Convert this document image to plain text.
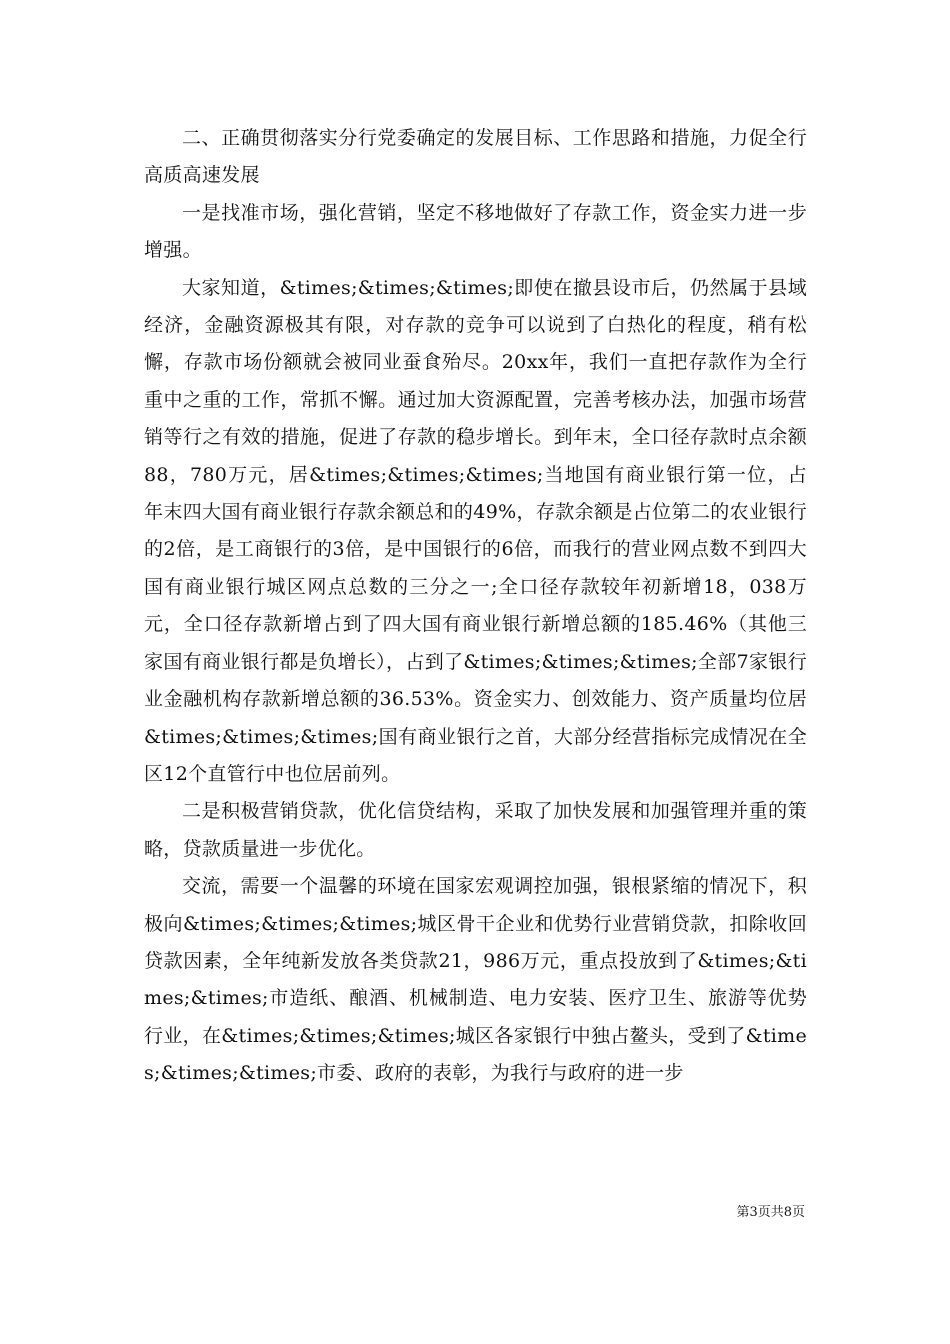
二、正确贯彻落实分行党委确定的发展目标、工作思路和措施，力促全行高质高速发展

一是找准市场，强化营销，坚定不移地做好了存款工作，资金实力进一步增强。

大家知道，&times;&times;&times;即使在撤县设市后，仍然属于县域经济，金融资源极其有限，对存款的竞争可以说到了白热化的程度，稍有松懈，存款市场份额就会被同业蚕食殆尽。20xx年，我们一直把存款作为全行重中之重的工作，常抓不懈。通过加大资源配置，完善考核办法，加强市场营销等行之有效的措施，促进了存款的稳步增长。到年末，全口径存款时点余额88，780万元，居&times;&times;&times;当地国有商业银行第一位，占年末四大国有商业银行存款余额总和的49%，存款余额是占位第二的农业银行的2倍，是工商银行的3倍，是中国银行的6倍，而我行的营业网点数不到四大国有商业银行城区网点总数的三分之一;全口径存款较年初新增18，038万元，全口径存款新增占到了四大国有商业银行新增总额的185.46%（其他三家国有商业银行都是负增长），占到了&times;&times;&times;全部7家银行业金融机构存款新增总额的36.53%。资金实力、创效能力、资产质量均位居&times;&times;&times;国有商业银行之首，大部分经营指标完成情况在全区12个直管行中也位居前列。

二是积极营销贷款，优化信贷结构，采取了加快发展和加强管理并重的策略，贷款质量进一步优化。

交流，需要一个温馨的环境在国家宏观调控加强，银根紧缩的情况下，积极向&times;&times;&times;城区骨干企业和优势行业营销贷款，扣除收回贷款因素，全年纯新发放各类贷款21，986万元，重点投放到了&times;&times;&times;市造纸、酿酒、机械制造、电力安装、医疗卫生、旅游等优势行业，在&times;&times;&times;城区各家银行中独占鳌头，受到了&times;&times;&times;市委、政府的表彰，为我行与政府的进一步

第3页共8页
